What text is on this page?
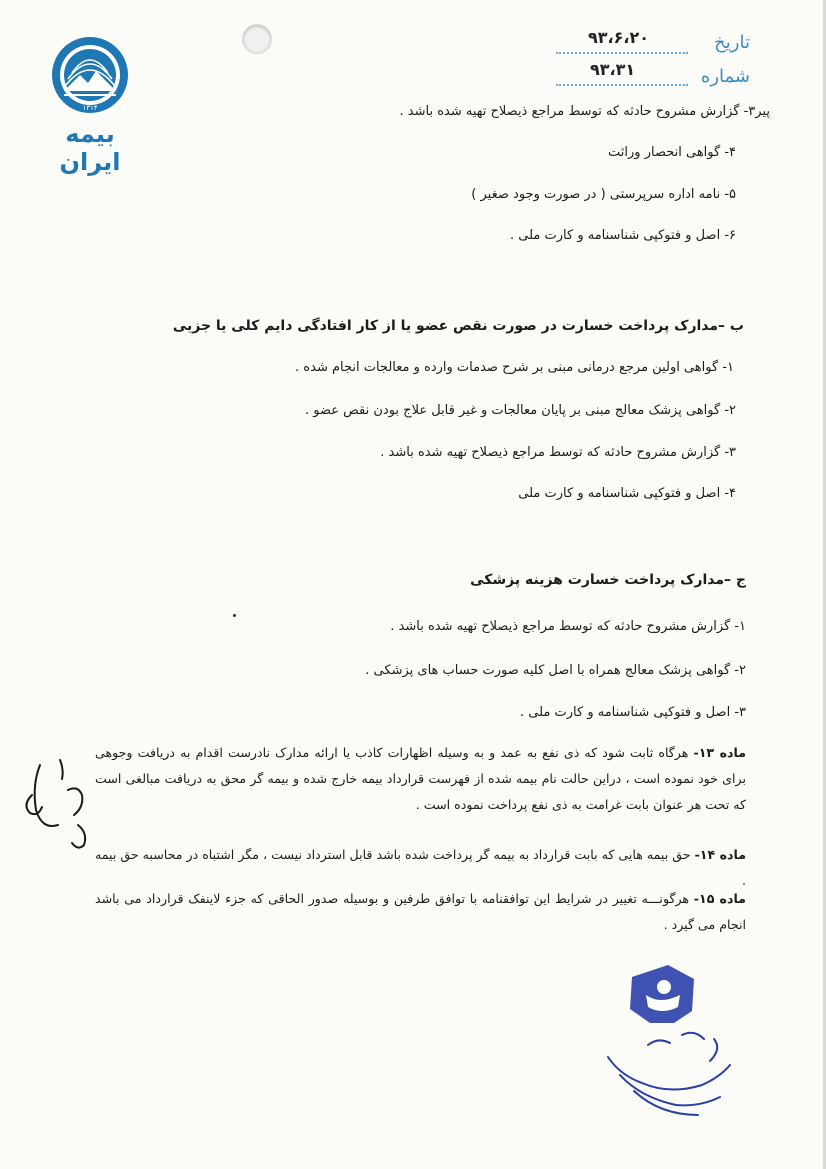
۱۳۱۴
بیمه ایران
تاریخ
۹۳،۶،۲۰
شماره
۹۳،۳۱
پیر۳- گزارش مشروح حادثه که توسط مراجع ذیصلاح تهیه شده باشد .
۴- گواهی انحصار وراثت
۵- نامه اداره سرپرستی ( در صورت وجود صغیر )
۶- اصل و فتوکپی شناسنامه و کارت ملی .
ب –مدارک پرداخت خسارت در صورت نقص عضو یا از کار افتادگی دایم کلی یا جزیی
۱- گواهی اولین مرجع درمانی مبنی بر شرح صدمات وارده و معالجات انجام شده .
۲- گواهی پزشک معالج مبنی بر پایان معالجات و غیر قابل علاج بودن نقص عضو .
۳- گزارش مشروح حادثه که توسط مراجع ذیصلاح تهیه شده باشد .
۴- اصل و فتوکپی شناسنامه و کارت ملی
ج –مدارک پرداخت خسارت هزینه پزشکی
۱- گزارش مشروح حادثه که توسط مراجع ذیصلاح تهیه شده باشد .
۲- گواهی پزشک معالج همراه با اصل کلیه صورت حساب های پزشکی .
۳- اصل و فتوکپی شناسنامه و کارت ملی .
ماده ۱۳- هرگاه ثابت شود که ذی نفع به عمد و به وسیله اظهارات کاذب یا ارائه مدارک نادرست اقدام به دریافت وجوهی برای خود نموده است ، دراین حالت نام بیمه شده از فهرست قرارداد بیمه خارج شده و بیمه گر محق به دریافت مبالغی است که تحت هر عنوان بابت غرامت به ذی نفع پرداخت نموده است .
ماده ۱۴- حق بیمه هایی که بابت قرارداد به بیمه گر پرداخت شده باشد قابل استرداد نیست ، مگر اشتباه در محاسبه حق بیمه .
ماده ۱۵- هرگونـــه تغییر در شرایط این توافقنامه با توافق طرفین و بوسیله صدور الحاقی که جزء لاینفک قرارداد می باشد انجام می گیرد .
